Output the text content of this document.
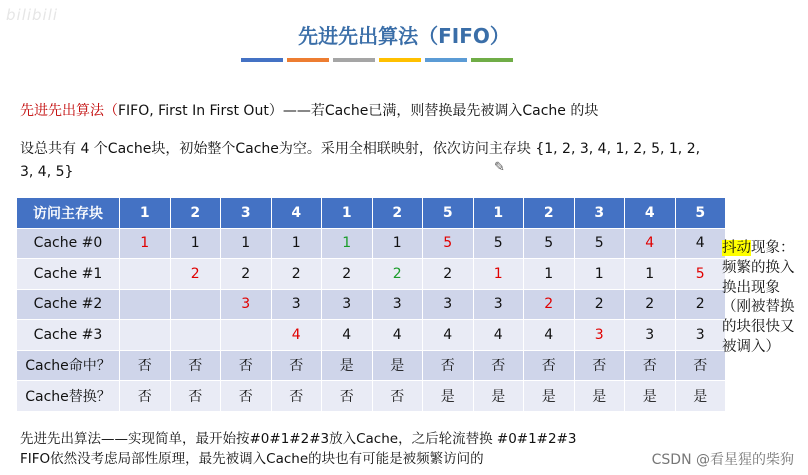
bilibili
先进先出算法（FIFO）
先进先出算法（FIFO, First In First Out）——若Cache已满，则替换最先被调入Cache 的块
设总共有 4 个Cache块，初始整个Cache为空。采用全相联映射，依次访问主存块 {1, 2, 3, 4, 1, 2, 5, 1, 2, 3, 4, 5}	✎
访问主存块	1	2	3	4	1	2	5	1	2	3	4	5
Cache #0	1	1	1	1	1	1	5	5	5	5	4	4
Cache #1		2	2	2	2	2	2	1	1	1	1	5
Cache #2			3	3	3	3	3	3	2	2	2	2
Cache #3				4	4	4	4	4	4	3	3	3
Cache命中？	否	否	否	否	是	是	否	否	否	否	否	否
Cache替换？	否	否	否	否	否	否	是	是	是	是	是	是
抖动现象：频繁的换入换出现象（刚被替换的块很快又被调入）
先进先出算法——实现简单，最开始按#0#1#2#3放入Cache，之后轮流替换 #0#1#2#3
FIFO依然没考虑局部性原理，最先被调入Cache的块也有可能是被频繁访问的	CSDN @看星猩的柴狗
